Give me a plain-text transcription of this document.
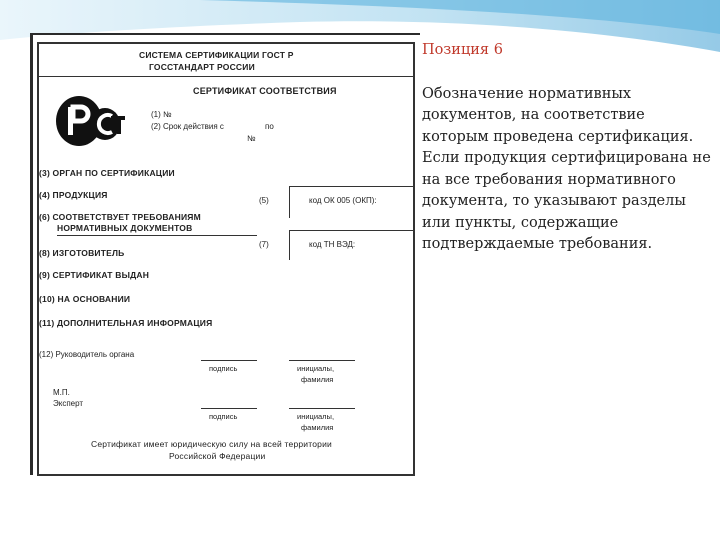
СИСТЕМА СЕРТИФИКАЦИИ ГОСТ Р
ГОССТАНДАРТ РОССИИ
СЕРТИФИКАТ СООТВЕТСТВИЯ
(1) №
(2) Срок действия с	по
№
(3) ОРГАН ПО СЕРТИФИКАЦИИ
(4) ПРОДУКЦИЯ
(5)	код ОК 005 (ОКП):
(6) СООТВЕТСТВУЕТ ТРЕБОВАНИЯМ
НОРМАТИВНЫХ ДОКУМЕНТОВ
(7)	код ТН ВЭД:
(8) ИЗГОТОВИТЕЛЬ
(9) СЕРТИФИКАТ ВЫДАН
(10) НА ОСНОВАНИИ
(11) ДОПОЛНИТЕЛЬНАЯ ИНФОРМАЦИЯ
(12) Руководитель органа
подпись	инициалы,
фамилия
М.П.
Эксперт
подпись	инициалы,
фамилия
Сертификат имеет юридическую силу на всей территории
Российской Федерации
Позиция 6
Обозначение нормативных документов, на соответствие которым проведена сертификация. Если продукция сертифицирована не на все требования нормативного документа, то указывают разделы или пункты, содержащие подтверждаемые требования.
